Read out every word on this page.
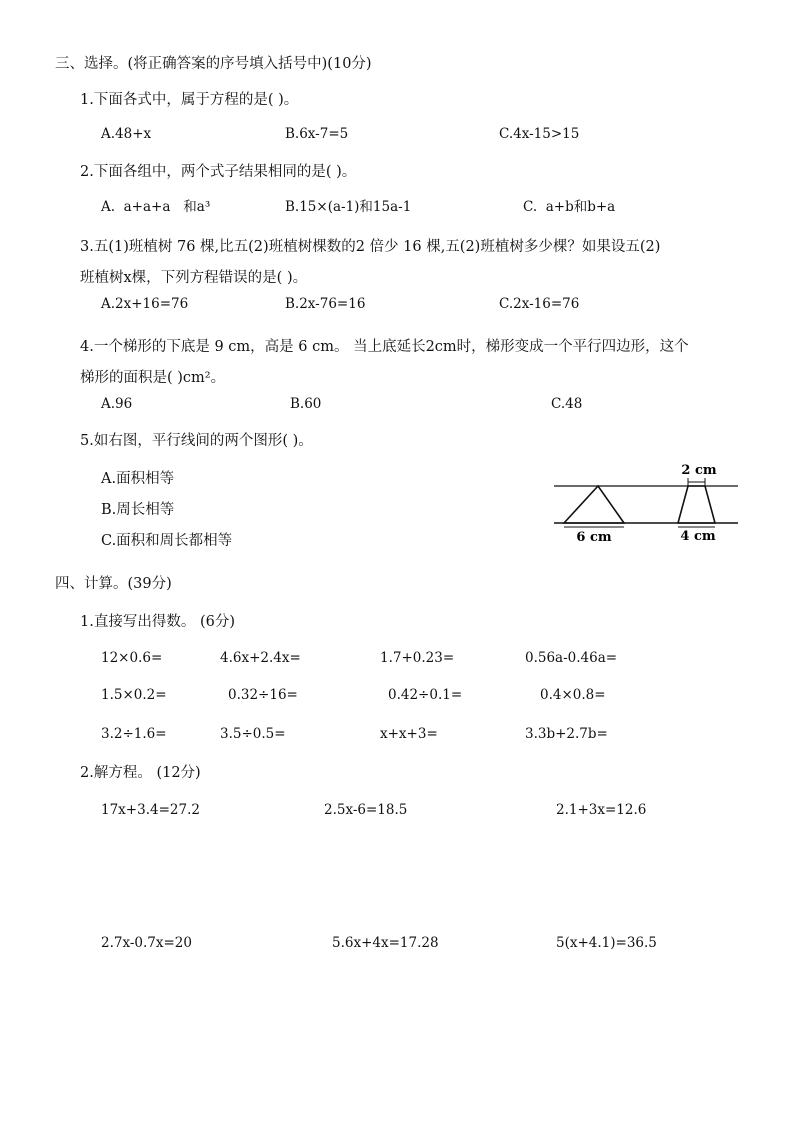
三、选择。(将正确答案的序号填入括号中)(10分)
1.下面各式中，属于方程的是( )。
A.48+x	B.6x-7=5	C.4x-15>15
2.下面各组中，两个式子结果相同的是( )。
A.  a+a+a   和a³	B.15×(a-1)和15a-1	C.  a+b和b+a
3.五(1)班植树 76 棵,比五(2)班植树棵数的2 倍少 16 棵,五(2)班植树多少棵？如果设五(2)
班植树x棵，下列方程错误的是( )。
A.2x+16=76	B.2x-76=16	C.2x-16=76
4.一个梯形的下底是 9 cm，高是 6 cm。 当上底延长2cm时，梯形变成一个平行四边形，这个
梯形的面积是( )cm²。
A.96	B.60	C.48
5.如右图，平行线间的两个图形( )。
A.面积相等
B.周长相等
C.面积和周长都相等
2 cm
6 cm	4 cm
四、计算。(39分)
1.直接写出得数。 (6分)
12×0.6=	4.6x+2.4x=	1.7+0.23=	0.56a-0.46a=
1.5×0.2=	0.32÷16=	0.42÷0.1=	0.4×0.8=
3.2÷1.6=	3.5÷0.5=	x+x+3=	3.3b+2.7b=
2.解方程。 (12分)
17x+3.4=27.2	2.5x-6=18.5	2.1+3x=12.6
2.7x-0.7x=20	5.6x+4x=17.28	5(x+4.1)=36.5
